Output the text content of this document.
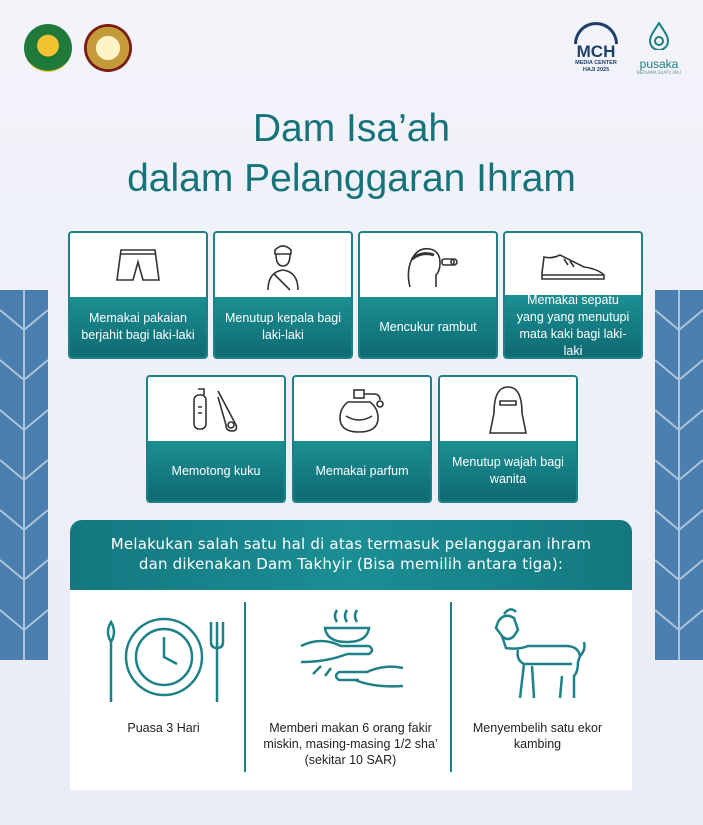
MCH
MEDIA CENTER
HAJI 2025	pusaka
BERSAMA SUATU APLI
Dam Isa’ah
dalam Pelanggaran Ihram
Memakai pakaian berjahit bagi laki-laki
Menutup kepala bagi laki-laki
Mencukur rambut
Memakai sepatu yang yang menutupi mata kaki bagi laki-laki
Memotong kuku	Memakai parfum
Menutup wajah bagi wanita
Melakukan salah satu hal di atas termasuk pelanggaran ihram
dan dikenakan Dam Takhyir (Bisa memilih antara tiga):
Puasa 3 Hari	Memberi makan 6 orang fakir miskin, masing-masing 1/2 sha’ (sekitar 10 SAR)
Menyembelih satu ekor kambing
